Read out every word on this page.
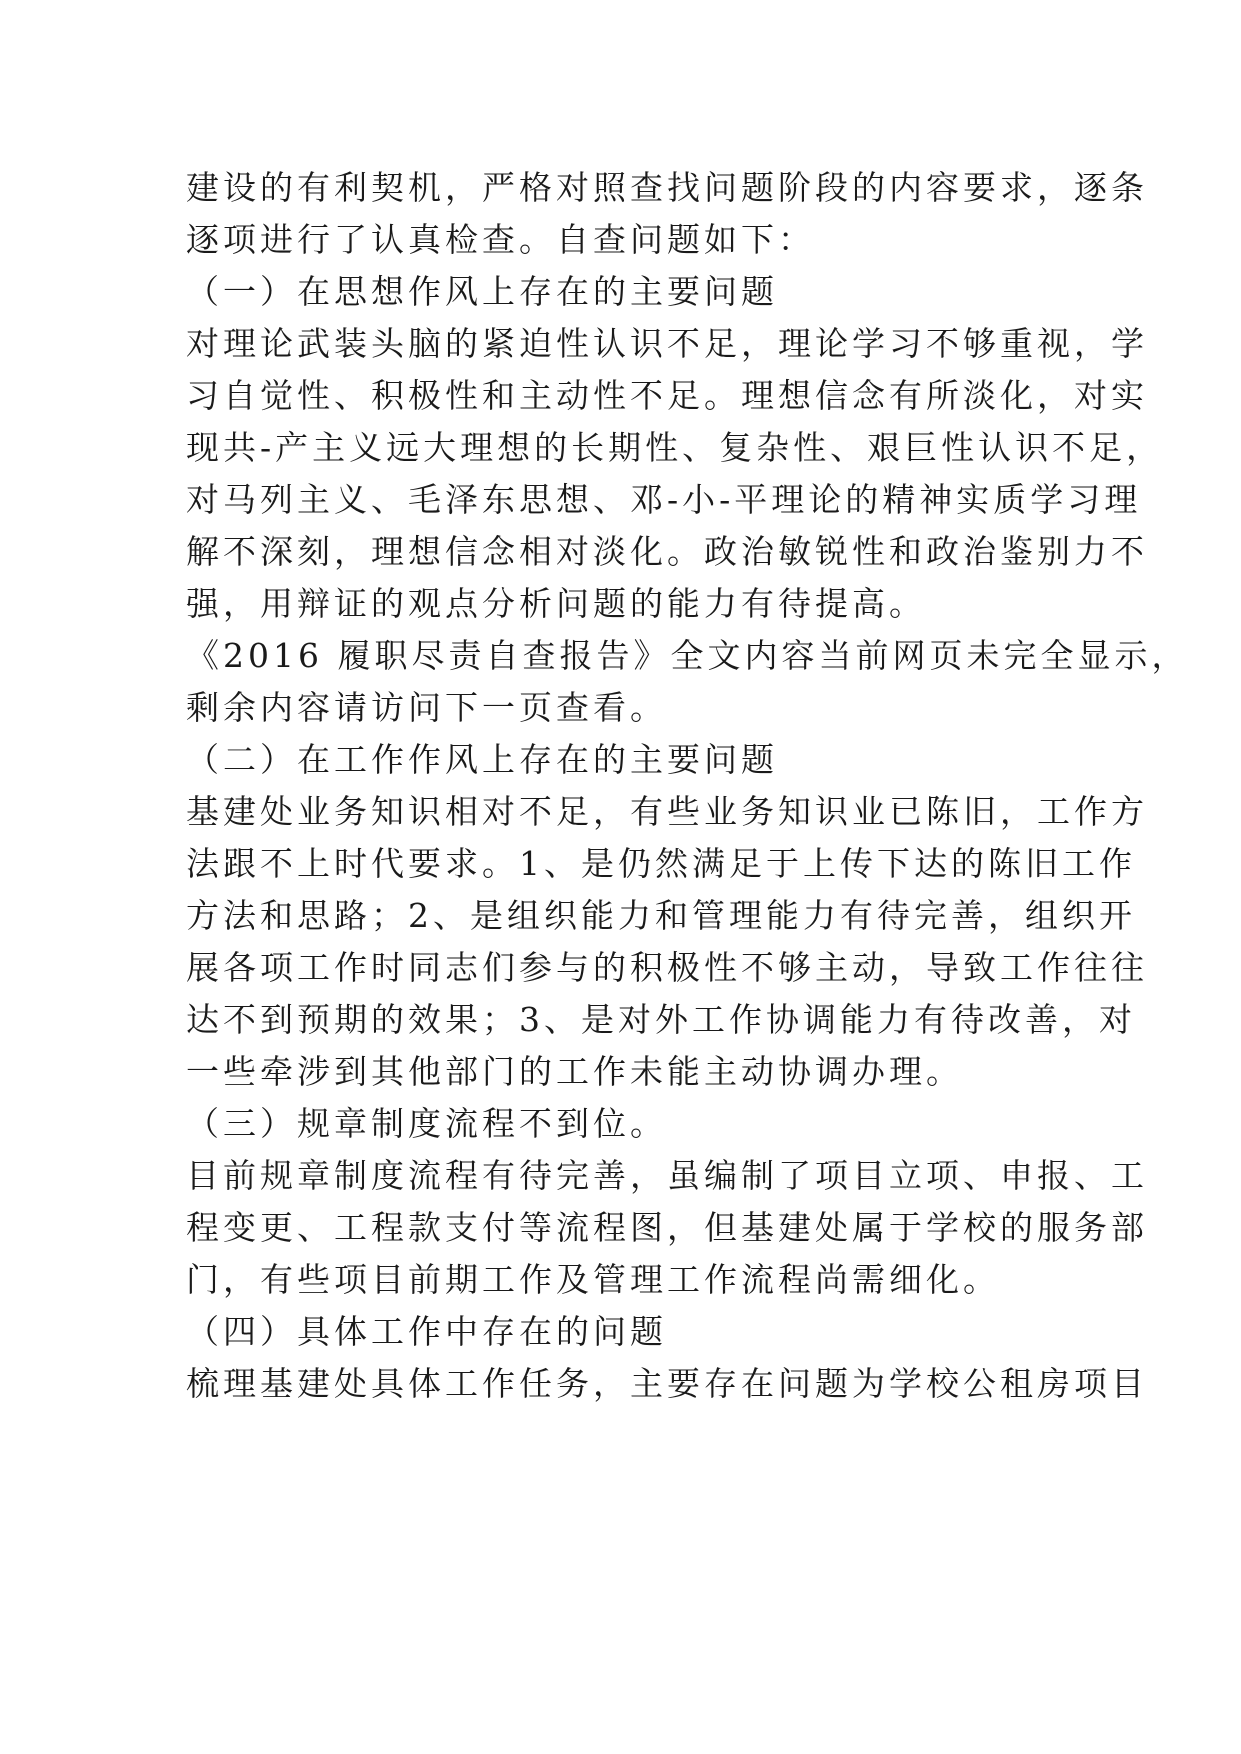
建设的有利契机，严格对照查找问题阶段的内容要求，逐条
逐项进行了认真检查。自查问题如下：
（一）在思想作风上存在的主要问题
对理论武装头脑的紧迫性认识不足，理论学习不够重视，学
习自觉性、积极性和主动性不足。理想信念有所淡化，对实
现共-产主义远大理想的长期性、复杂性、艰巨性认识不足，
对马列主义、毛泽东思想、邓-小-平理论的精神实质学习理
解不深刻，理想信念相对淡化。政治敏锐性和政治鉴别力不
强，用辩证的观点分析问题的能力有待提高。
《2016 履职尽责自查报告》全文内容当前网页未完全显示，
剩余内容请访问下一页查看。
（二）在工作作风上存在的主要问题
基建处业务知识相对不足，有些业务知识业已陈旧，工作方
法跟不上时代要求。1、是仍然满足于上传下达的陈旧工作
方法和思路；2、是组织能力和管理能力有待完善，组织开
展各项工作时同志们参与的积极性不够主动，导致工作往往
达不到预期的效果；3、是对外工作协调能力有待改善，对
一些牵涉到其他部门的工作未能主动协调办理。
（三）规章制度流程不到位。
目前规章制度流程有待完善，虽编制了项目立项、申报、工
程变更、工程款支付等流程图，但基建处属于学校的服务部
门，有些项目前期工作及管理工作流程尚需细化。
（四）具体工作中存在的问题
梳理基建处具体工作任务，主要存在问题为学校公租房项目
